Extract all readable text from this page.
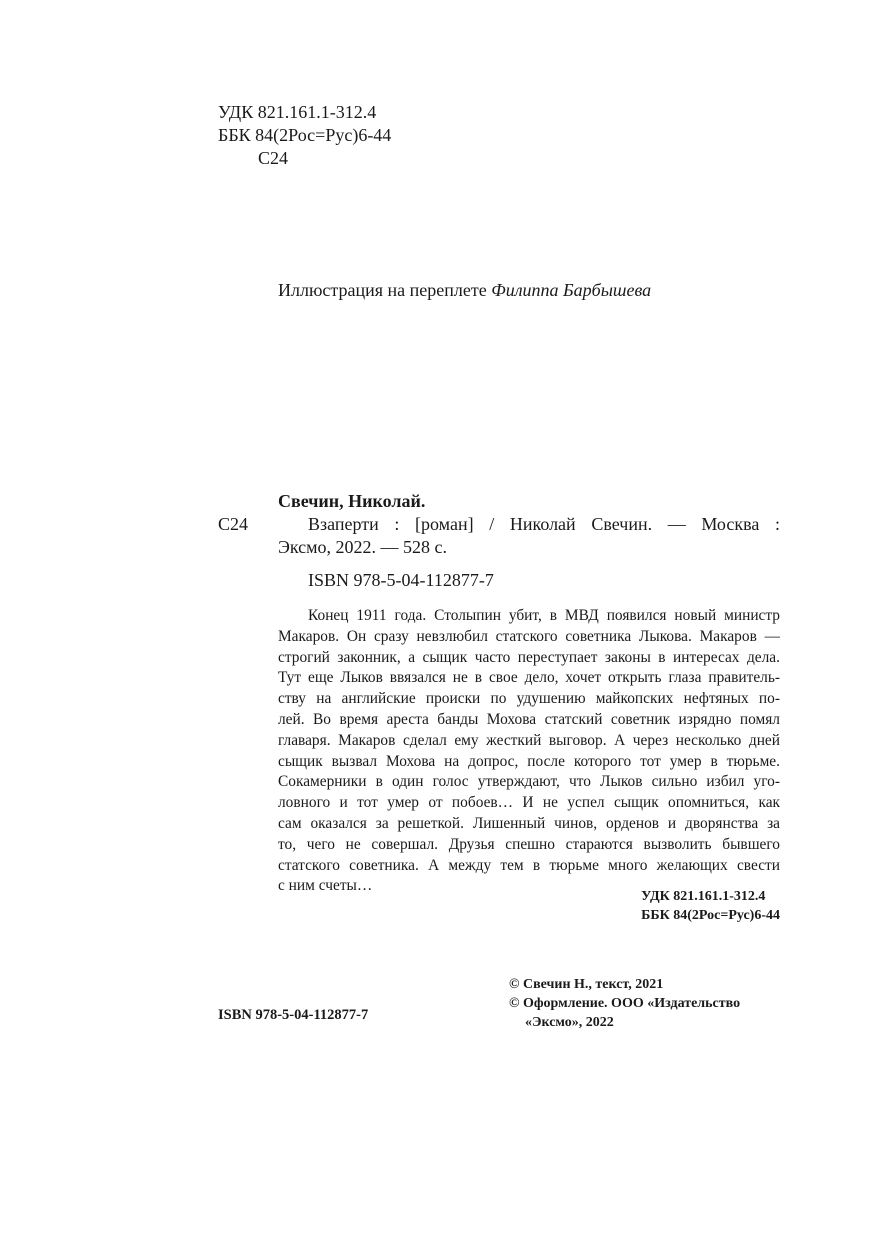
УДК 821.161.1-312.4
ББК 84(2Рос=Рус)6-44
С24
Иллюстрация на переплете Филиппа Барбышева
Свечин, Николай.
С24	Взаперти : [роман] / Николай Свечин. — Москва :
Эксмо, 2022. — 528 с.
ISBN 978-5-04-112877-7
Конец 1911 года. Столыпин убит, в МВД появился новый министр
Макаров. Он сразу невзлюбил статского советника Лыкова. Макаров —
строгий законник, а сыщик часто переступает законы в интересах дела.
Тут еще Лыков ввязался не в свое дело, хочет открыть глаза правитель-
ству на английские происки по удушению майкопских нефтяных по-
лей. Во время ареста банды Мохова статский советник изрядно помял
главаря. Макаров сделал ему жесткий выговор. А через несколько дней
сыщик вызвал Мохова на допрос, после которого тот умер в тюрьме.
Сокамерники в один голос утверждают, что Лыков сильно избил уго-
ловного и тот умер от побоев… И не успел сыщик опомниться, как
сам оказался за решеткой. Лишенный чинов, орденов и дворянства за
то, чего не совершал. Друзья спешно стараются вызволить бывшего
статского советника. А между тем в тюрьме много желающих свести
с ним счеты…
УДК 821.161.1-312.4
ББК 84(2Рос=Рус)6-44
© Свечин Н., текст, 2021
© Оформление. ООО «Издательство
«Эксмо», 2022
ISBN 978-5-04-112877-7
